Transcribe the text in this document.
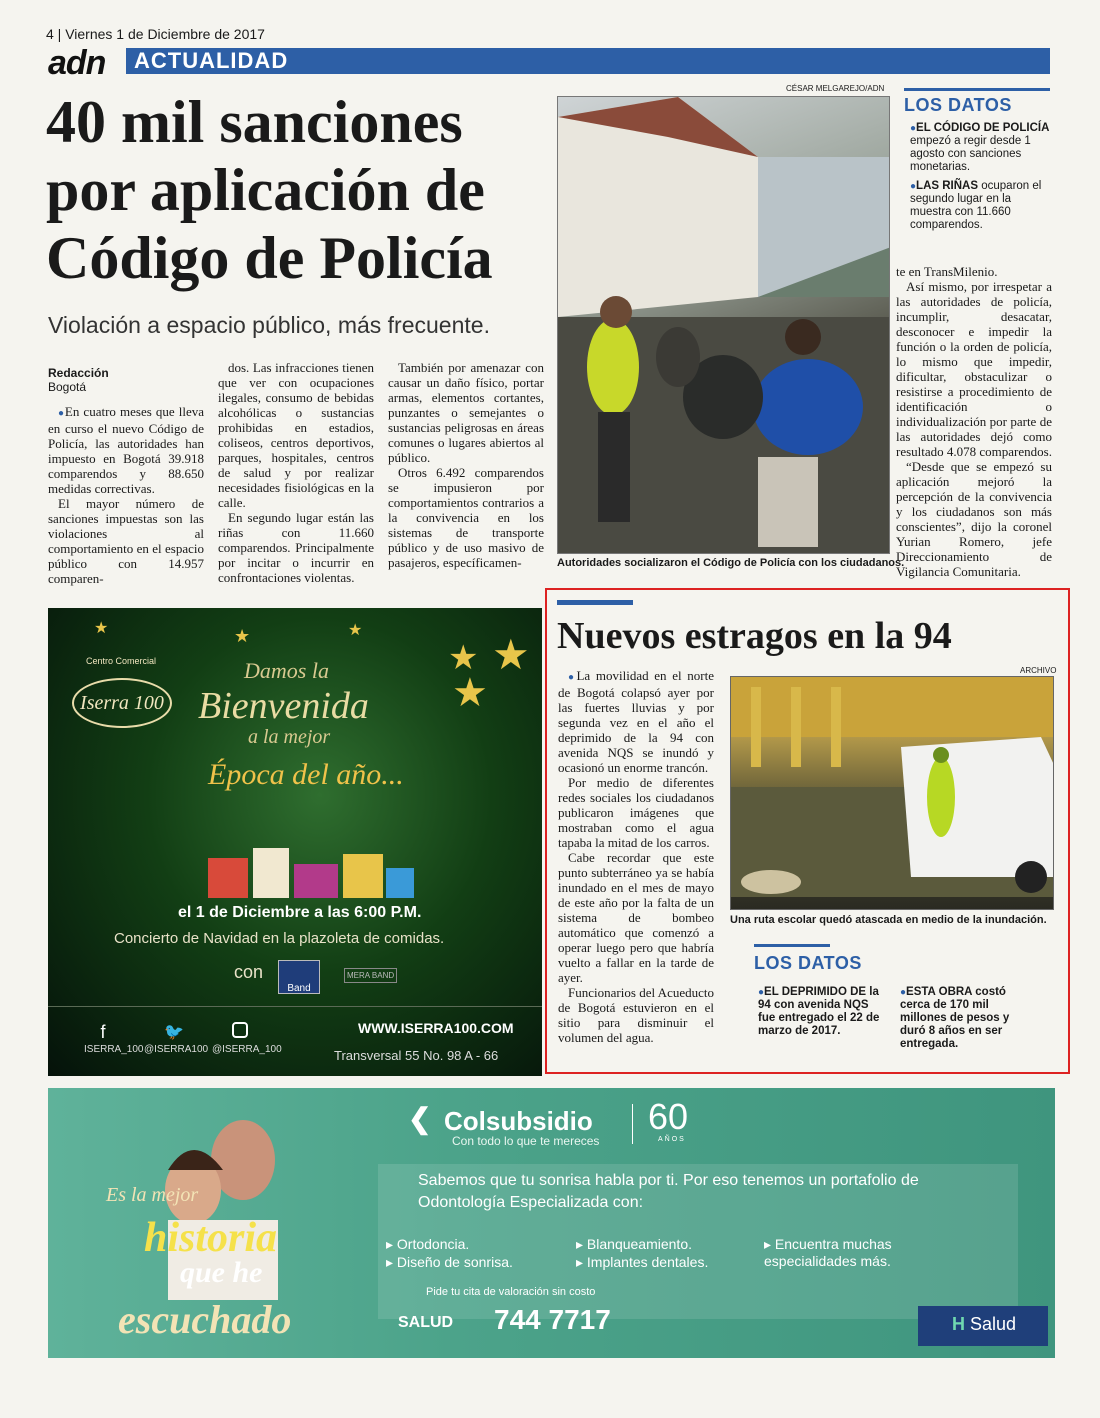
4 | Viernes 1 de Diciembre de 2017
adn	ACTUALIDAD
40 mil sanciones por aplicación de Código de Policía
Violación a espacio público, más frecuente.
Redacción
Bogotá

● En cuatro meses que lleva en curso el nuevo Código de Policía, las autoridades han impuesto en Bogotá 39.918 comparendos y 88.650 medidas correctivas.

El mayor número de sanciones impuestas son las violaciones al comportamiento en el espacio público con 14.957 comparen-

dos. Las infracciones tienen que ver con ocupaciones ilegales, consumo de bebidas alcohólicas o sustancias prohibidas en estadios, coliseos, centros deportivos, parques, hospitales, centros de salud y por realizar necesidades fisiológicas en la calle.

En segundo lugar están las riñas con 11.660 comparendos. Principalmente por incitar o incurrir en confrontaciones violentas.

También por amenazar con causar un daño físico, portar armas, elementos cortantes, punzantes o semejantes o sustancias peligrosas en áreas comunes o lugares abiertos al público.

Otros 6.492 comparendos se impusieron por comportamientos contrarios a la convivencia en los sistemas de transporte público y de uso masivo de pasajeros, específicamen-

CÉSAR MELGAREJO/ADN
Autoridades socializaron el Código de Policía con los ciudadanos.
LOS DATOS
● EL CÓDIGO DE POLICÍA empezó a regir desde 1 agosto con sanciones monetarias.
● LAS RIÑAS ocuparon el segundo lugar en la muestra con 11.660 comparendos.

te en TransMilenio.

Así mismo, por irrespetar a las autoridades de policía, incumplir, desacatar, desconocer e impedir la función o la orden de policía, lo mismo que impedir, dificultar, obstaculizar o resistirse a procedimiento de identificación o individualización por parte de las autoridades dejó como resultado 4.078 comparendos.

“Desde que se empezó su aplicación mejoró la percepción de la convivencia y los ciudadanos son más conscientes”, dijo la coronel Yurian Romero, jefe Direccionamiento de Vigilancia Comunitaria.

★	★	★
★ ★
★
Centro Comercial
Iserra 100
Damos la
Bienvenida
a la mejor
Época del año...
el 1 de Diciembre a las 6:00 P.M.
Concierto de Navidad en la plazoleta de comidas.
con
Band
MERA BAND
f
ISERRA_100
🐦
@ISERRA100 @ISERRA_100
WWW.ISERRA100.COM
Transversal 55 No. 98 A - 66
Nuevos estragos en la 94

● La movilidad en el norte de Bogotá colapsó ayer por las fuertes lluvias y por segunda vez en el año el deprimido de la 94 con avenida NQS se inundó y ocasionó un enorme trancón.

Por medio de diferentes redes sociales los ciudadanos publicaron imágenes que mostraban como el agua tapaba la mitad de los carros.

Cabe recordar que este punto subterráneo ya se había inundado en el mes de mayo de este año por la falta de un sistema de bombeo automático que comenzó a operar luego pero que habría vuelto a fallar en la tarde de ayer.

Funcionarios del Acueducto de Bogotá estuvieron en el sitio para disminuir el volumen del agua.

ARCHIVO
Una ruta escolar quedó atascada en medio de la inundación.
LOS DATOS
● EL DEPRIMIDO DE la 94 con avenida NQS fue entregado el 22 de marzo de 2017.
● ESTA OBRA costó cerca de 170 mil millones de pesos y duró 8 años en ser entregada.
❮ Colsubsidio
Con todo lo que te mereces
60
AÑOS
Es la mejor
historia
que he
escuchado
Sabemos que tu sonrisa habla por ti. Por eso tenemos un portafolio de Odontología Especializada con:
▸ Ortodoncia.
▸ Diseño de sonrisa.
▸ Blanqueamiento.
▸ Implantes dentales.
▸ Encuentra muchas especialidades más.
Pide tu cita de valoración sin costo
SALUD 744 7717	H Salud
